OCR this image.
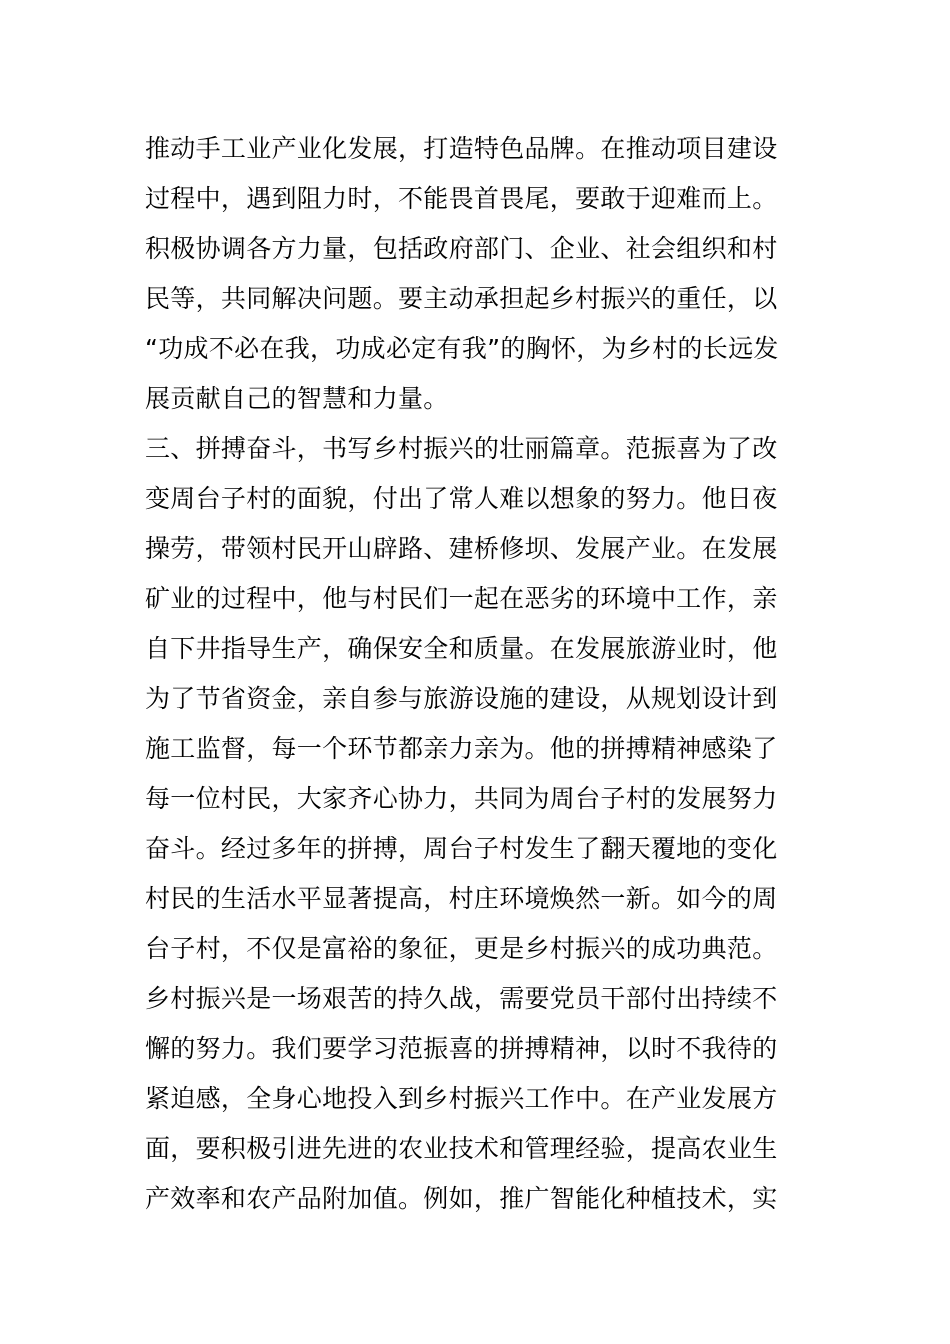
推动手工业产业化发展，打造特色品牌。在推动项目建设
过程中，遇到阻力时，不能畏首畏尾，要敢于迎难而上。
积极协调各方力量，包括政府部门、企业、社会组织和村
民等，共同解决问题。要主动承担起乡村振兴的重任，以
“功成不必在我，功成必定有我”的胸怀，为乡村的长远发
展贡献自己的智慧和力量。
三、拼搏奋斗，书写乡村振兴的壮丽篇章。范振喜为了改
变周台子村的面貌，付出了常人难以想象的努力。他日夜
操劳，带领村民开山辟路、建桥修坝、发展产业。在发展
矿业的过程中，他与村民们一起在恶劣的环境中工作，亲
自下井指导生产，确保安全和质量。在发展旅游业时，他
为了节省资金，亲自参与旅游设施的建设，从规划设计到
施工监督，每一个环节都亲力亲为。他的拼搏精神感染了
每一位村民，大家齐心协力，共同为周台子村的发展努力
奋斗。经过多年的拼搏，周台子村发生了翻天覆地的变化
村民的生活水平显著提高，村庄环境焕然一新。如今的周
台子村，不仅是富裕的象征，更是乡村振兴的成功典范。
乡村振兴是一场艰苦的持久战，需要党员干部付出持续不
懈的努力。我们要学习范振喜的拼搏精神，以时不我待的
紧迫感，全身心地投入到乡村振兴工作中。在产业发展方
面，要积极引进先进的农业技术和管理经验，提高农业生
产效率和农产品附加值。例如，推广智能化种植技术，实
